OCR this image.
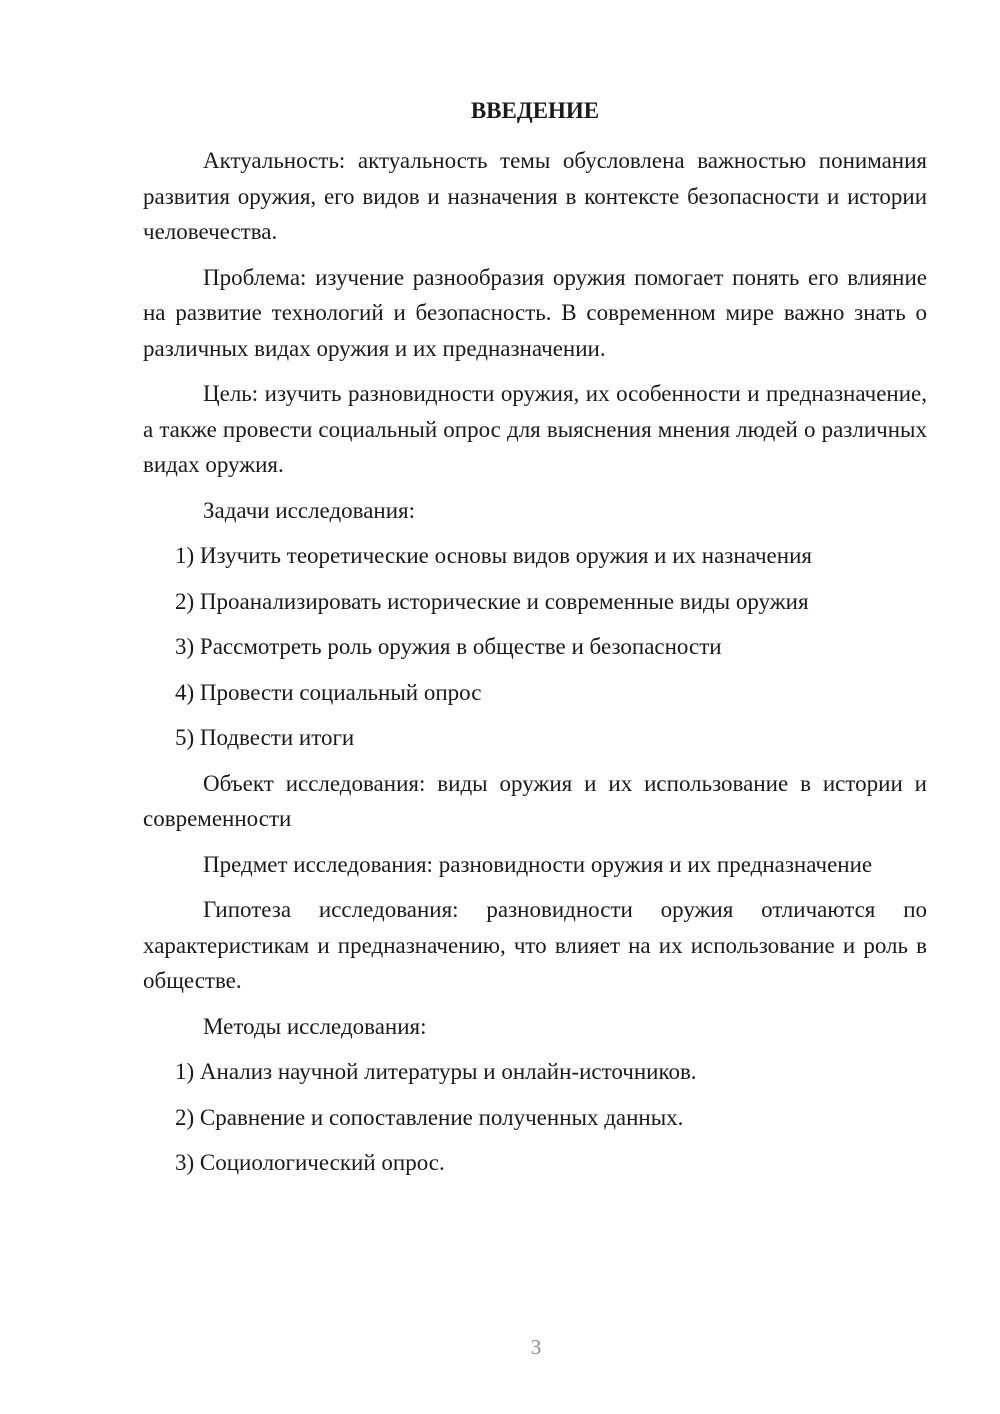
ВВЕДЕНИЕ

Актуальность: актуальность темы обусловлена важностью понимания развития оружия, его видов и назначения в контексте безопасности и истории человечества.

Проблема: изучение разнообразия оружия помогает понять его влияние на развитие технологий и безопасность. В современном мире важно знать о различных видах оружия и их предназначении.

Цель: изучить разновидности оружия, их особенности и предназначение, а также провести социальный опрос для выяснения мнения людей о различных видах оружия.

Задачи исследования:

1) Изучить теоретические основы видов оружия и их назначения

2) Проанализировать исторические и современные виды оружия

3) Рассмотреть роль оружия в обществе и безопасности

4) Провести социальный опрос

5) Подвести итоги

Объект исследования: виды оружия и их использование в истории и современности

Предмет исследования: разновидности оружия и их предназначение

Гипотеза исследования: разновидности оружия отличаются по характеристикам и предназначению, что влияет на их использование и роль в обществе.

Методы исследования:

1) Анализ научной литературы и онлайн-источников.

2) Сравнение и сопоставление полученных данных.

3) Социологический опрос.

3
